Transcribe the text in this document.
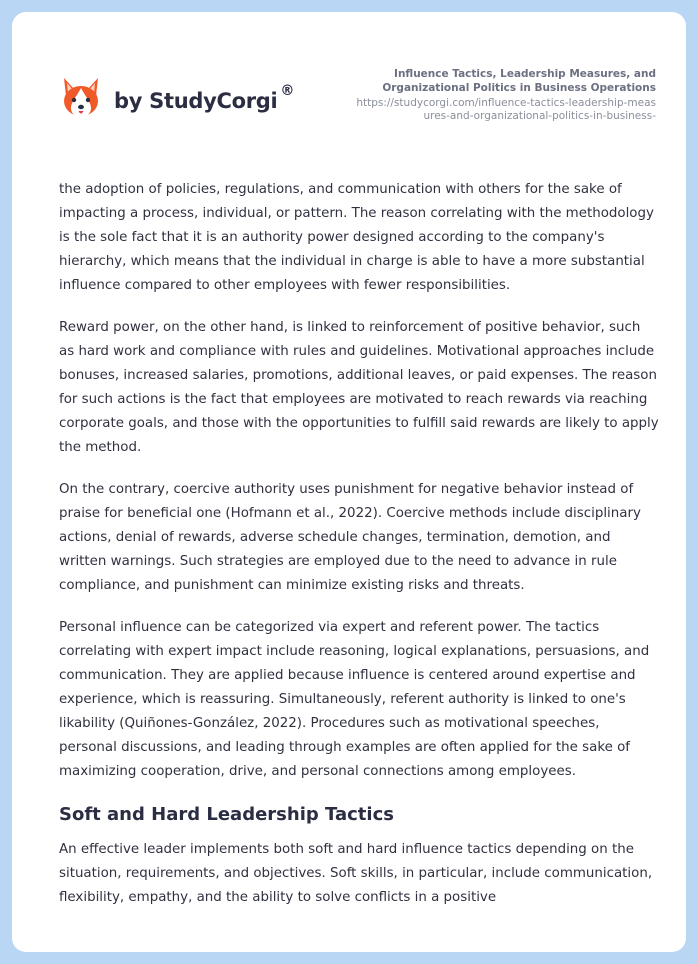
by StudyCorgi ®
Influence Tactics, Leadership Measures, and Organizational Politics in Business Operations
https://studycorgi.com/influence-tactics-leadership-measures-and-organizational-politics-in-business-

the adoption of policies, regulations, and communication with others for the sake of impacting a process, individual, or pattern. The reason correlating with the methodology is the sole fact that it is an authority power designed according to the company's hierarchy, which means that the individual in charge is able to have a more substantial influence compared to other employees with fewer responsibilities.

Reward power, on the other hand, is linked to reinforcement of positive behavior, such as hard work and compliance with rules and guidelines. Motivational approaches include bonuses, increased salaries, promotions, additional leaves, or paid expenses. The reason for such actions is the fact that employees are motivated to reach rewards via reaching corporate goals, and those with the opportunities to fulfill said rewards are likely to apply the method.

On the contrary, coercive authority uses punishment for negative behavior instead of praise for beneficial one (Hofmann et al., 2022). Coercive methods include disciplinary actions, denial of rewards, adverse schedule changes, termination, demotion, and written warnings. Such strategies are employed due to the need to advance in rule compliance, and punishment can minimize existing risks and threats.

Personal influence can be categorized via expert and referent power. The tactics correlating with expert impact include reasoning, logical explanations, persuasions, and communication. They are applied because influence is centered around expertise and experience, which is reassuring. Simultaneously, referent authority is linked to one's likability (Quiñones-González, 2022). Procedures such as motivational speeches, personal discussions, and leading through examples are often applied for the sake of maximizing cooperation, drive, and personal connections among employees.

Soft and Hard Leadership Tactics

An effective leader implements both soft and hard influence tactics depending on the situation, requirements, and objectives. Soft skills, in particular, include communication, flexibility, empathy, and the ability to solve conflicts in a positive
